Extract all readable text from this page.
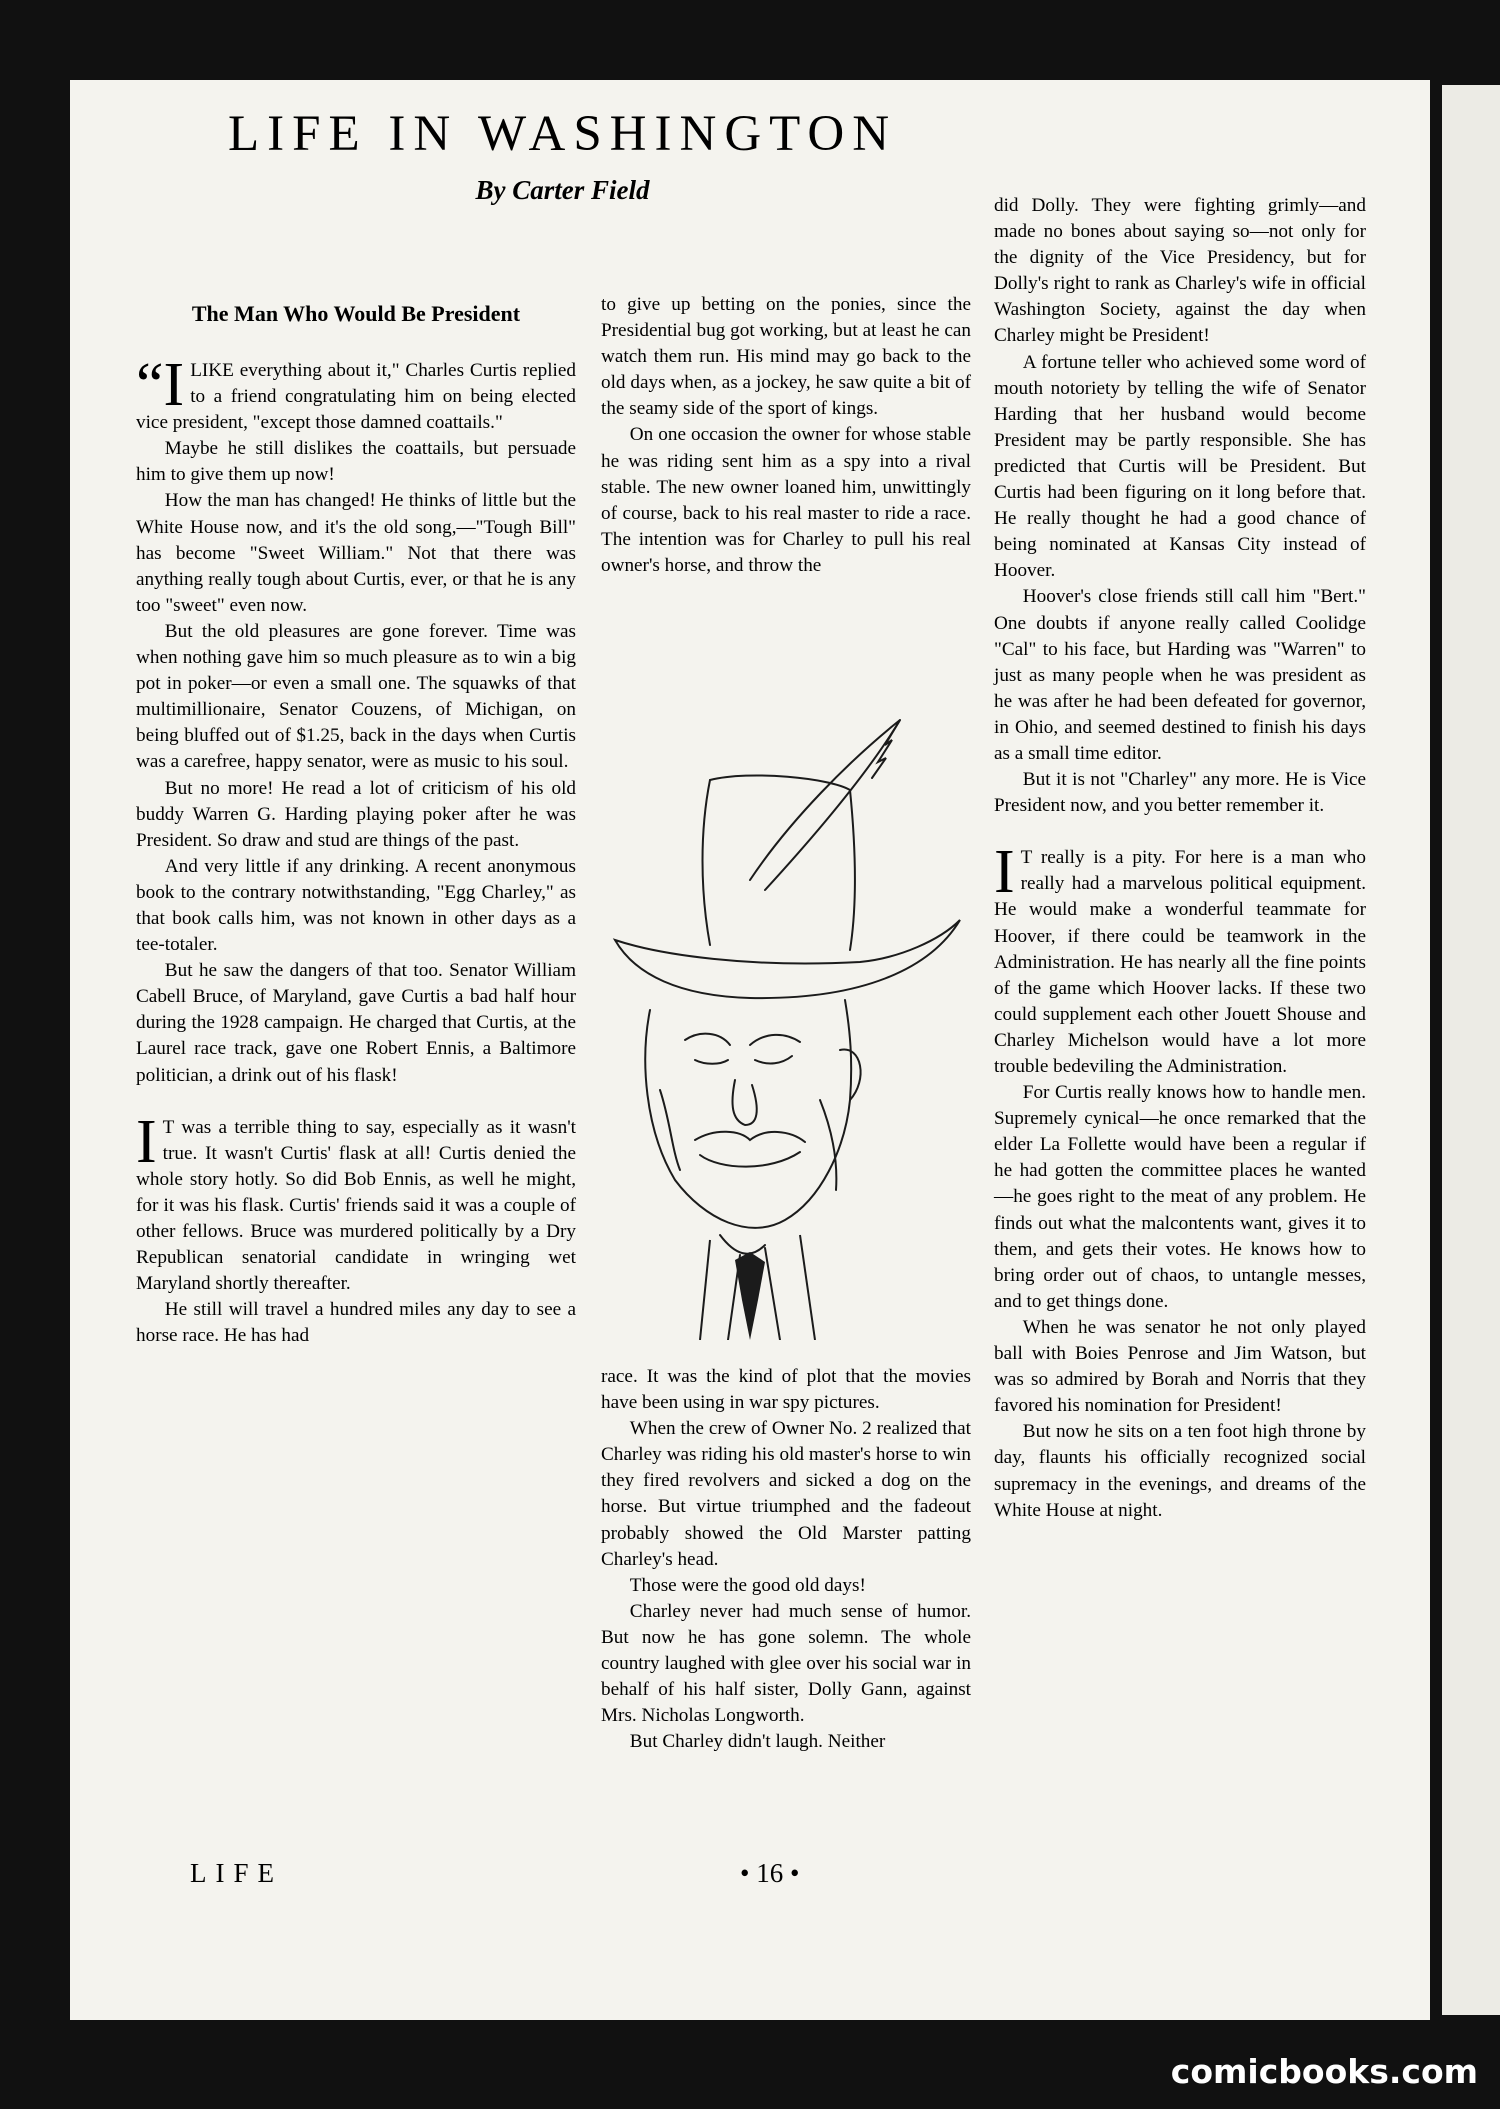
LIFE IN WASHINGTON
By Carter Field
The Man Who Would Be President

“I LIKE everything about it," Charles Curtis replied to a friend congratulating him on being elected vice president, "except those damned coattails."

Maybe he still dislikes the coattails, but persuade him to give them up now!

How the man has changed! He thinks of little but the White House now, and it's the old song,—"Tough Bill" has become "Sweet William." Not that there was anything really tough about Curtis, ever, or that he is any too "sweet" even now.

But the old pleasures are gone forever. Time was when nothing gave him so much pleasure as to win a big pot in poker—or even a small one. The squawks of that multimillionaire, Senator Couzens, of Michigan, on being bluffed out of $1.25, back in the days when Curtis was a carefree, happy senator, were as music to his soul.

But no more! He read a lot of criticism of his old buddy Warren G. Harding playing poker after he was President. So draw and stud are things of the past.

And very little if any drinking. A recent anonymous book to the contrary notwithstanding, "Egg Charley," as that book calls him, was not known in other days as a tee-totaler.

But he saw the dangers of that too. Senator William Cabell Bruce, of Maryland, gave Curtis a bad half hour during the 1928 campaign. He charged that Curtis, at the Laurel race track, gave one Robert Ennis, a Baltimore politician, a drink out of his flask!

I T was a terrible thing to say, especially as it wasn't true. It wasn't Curtis' flask at all! Curtis denied the whole story hotly. So did Bob Ennis, as well he might, for it was his flask. Curtis' friends said it was a couple of other fellows. Bruce was murdered politically by a Dry Republican senatorial candidate in wringing wet Maryland shortly thereafter.

He still will travel a hundred miles any day to see a horse race. He has had

to give up betting on the ponies, since the Presidential bug got working, but at least he can watch them run. His mind may go back to the old days when, as a jockey, he saw quite a bit of the seamy side of the sport of kings.

On one occasion the owner for whose stable he was riding sent him as a spy into a rival stable. The new owner loaned him, unwittingly of course, back to his real master to ride a race. The intention was for Charley to pull his real owner's horse, and throw the

race. It was the kind of plot that the movies have been using in war spy pictures.

When the crew of Owner No. 2 realized that Charley was riding his old master's horse to win they fired revolvers and sicked a dog on the horse. But virtue triumphed and the fadeout probably showed the Old Marster patting Charley's head.

Those were the good old days!

Charley never had much sense of humor. But now he has gone solemn. The whole country laughed with glee over his social war in behalf of his half sister, Dolly Gann, against Mrs. Nicholas Longworth.

But Charley didn't laugh. Neither

did Dolly. They were fighting grimly—and made no bones about saying so—not only for the dignity of the Vice Presidency, but for Dolly's right to rank as Charley's wife in official Washington Society, against the day when Charley might be President!

A fortune teller who achieved some word of mouth notoriety by telling the wife of Senator Harding that her husband would become President may be partly responsible. She has predicted that Curtis will be President. But Curtis had been figuring on it long before that. He really thought he had a good chance of being nominated at Kansas City instead of Hoover.

Hoover's close friends still call him "Bert." One doubts if anyone really called Coolidge "Cal" to his face, but Harding was "Warren" to just as many people when he was president as he was after he had been defeated for governor, in Ohio, and seemed destined to finish his days as a small time editor.

But it is not "Charley" any more. He is Vice President now, and you better remember it.

I T really is a pity. For here is a man who really had a marvelous political equipment. He would make a wonderful teammate for Hoover, if there could be teamwork in the Administration. He has nearly all the fine points of the game which Hoover lacks. If these two could supplement each other Jouett Shouse and Charley Michelson would have a lot more trouble bedeviling the Administration.

For Curtis really knows how to handle men. Supremely cynical—he once remarked that the elder La Follette would have been a regular if he had gotten the committee places he wanted—he goes right to the meat of any problem. He finds out what the malcontents want, gives it to them, and gets their votes. He knows how to bring order out of chaos, to untangle messes, and to get things done.

When he was senator he not only played ball with Boies Penrose and Jim Watson, but was so admired by Borah and Norris that they favored his nomination for President!

But now he sits on a ten foot high throne by day, flaunts his officially recognized social supremacy in the evenings, and dreams of the White House at night.

LIFE	• 16 •
comicbooks.com
